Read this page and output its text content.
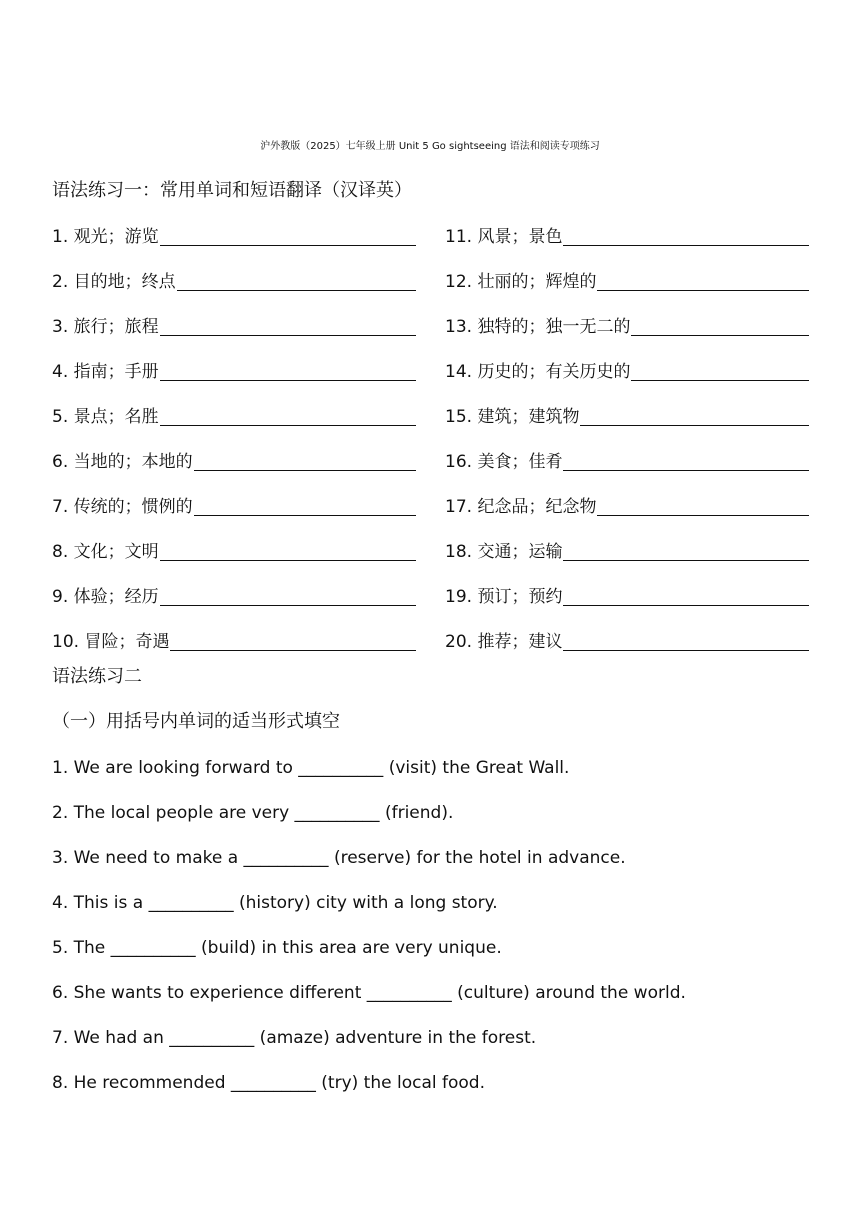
沪外教版（2025）七年级上册 Unit 5 Go sightseeing 语法和阅读专项练习
语法练习一：常用单词和短语翻译（汉译英）
1. 观光；游览
2. 目的地；终点
3. 旅行；旅程
4. 指南；手册
5. 景点；名胜
6. 当地的；本地的
7. 传统的；惯例的
8. 文化；文明
9. 体验；经历
10. 冒险；奇遇
11. 风景；景色
12. 壮丽的；辉煌的
13. 独特的；独一无二的
14. 历史的；有关历史的
15. 建筑；建筑物
16. 美食；佳肴
17. 纪念品；纪念物
18. 交通；运输
19. 预订；预约
20. 推荐；建议
语法练习二
（一）用括号内单词的适当形式填空
1. We are looking forward to __________ (visit) the Great Wall.
2. The local people are very __________ (friend).
3. We need to make a __________ (reserve) for the hotel in advance.
4. This is a __________ (history) city with a long story.
5. The __________ (build) in this area are very unique.
6. She wants to experience different __________ (culture) around the world.
7. We had an __________ (amaze) adventure in the forest.
8. He recommended __________ (try) the local food.
